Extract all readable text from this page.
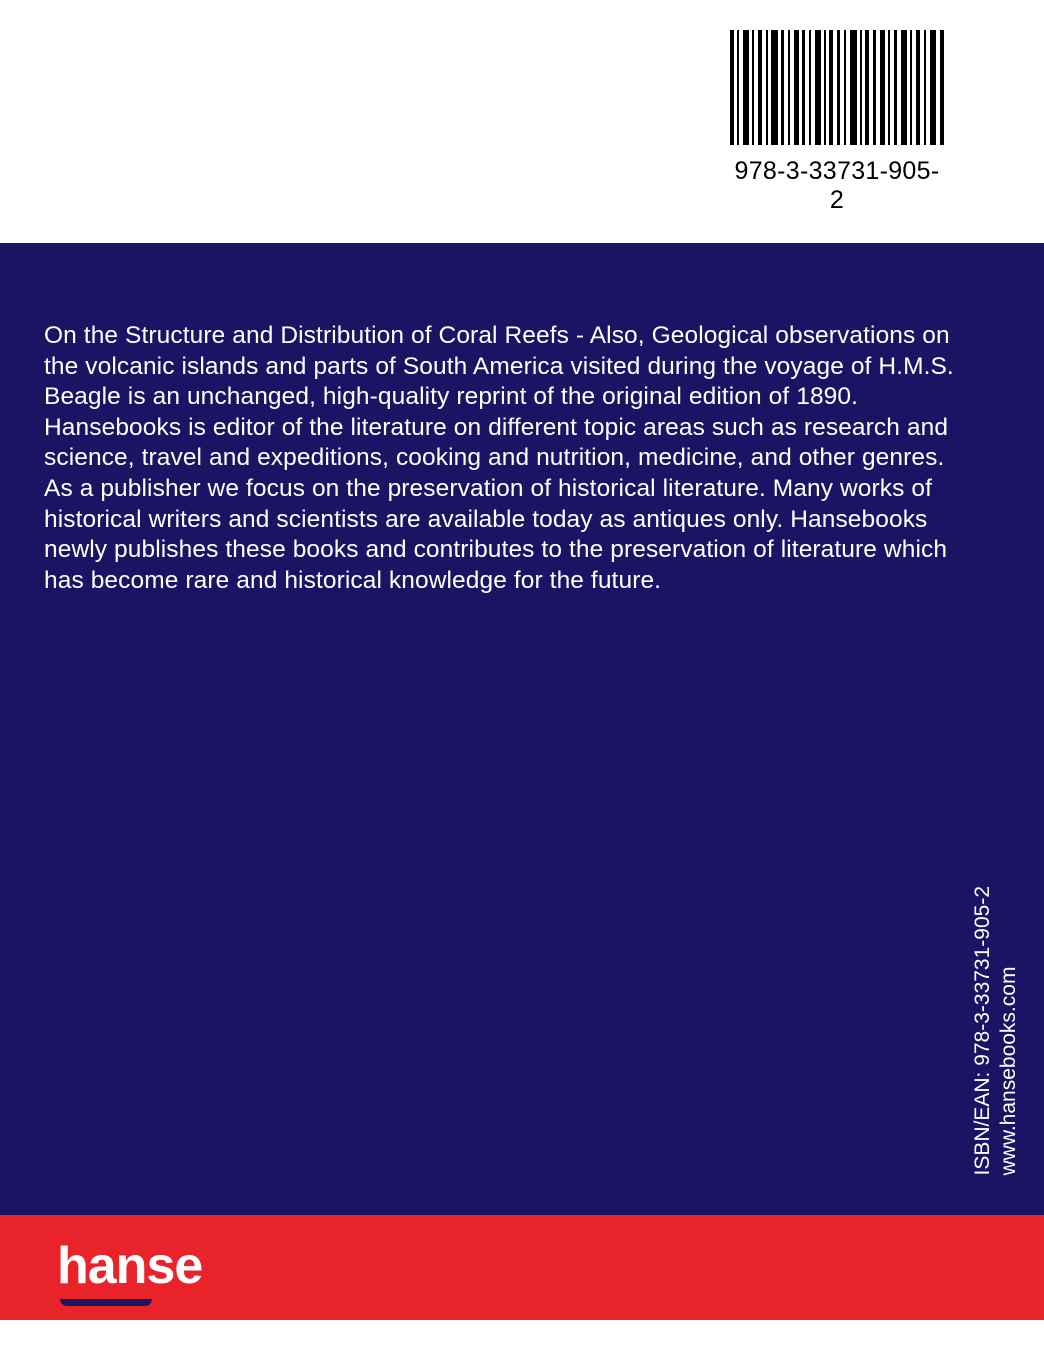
978-3-33731-905-2
On the Structure and Distribution of Coral Reefs - Also, Geological observations on the volcanic islands and parts of South America visited during the voyage of H.M.S. Beagle is an unchanged, high-quality reprint of the original edition of 1890. Hansebooks is editor of the literature on different topic areas such as research and science, travel and expeditions, cooking and nutrition, medicine, and other genres. As a publisher we focus on the preservation of historical literature. Many works of historical writers and scientists are available today as antiques only. Hansebooks newly publishes these books and contributes to the preservation of literature which has become rare and historical knowledge for the future.
ISBN/EAN: 978-3-33731-905-2 www.hansebooks.com
hanse
